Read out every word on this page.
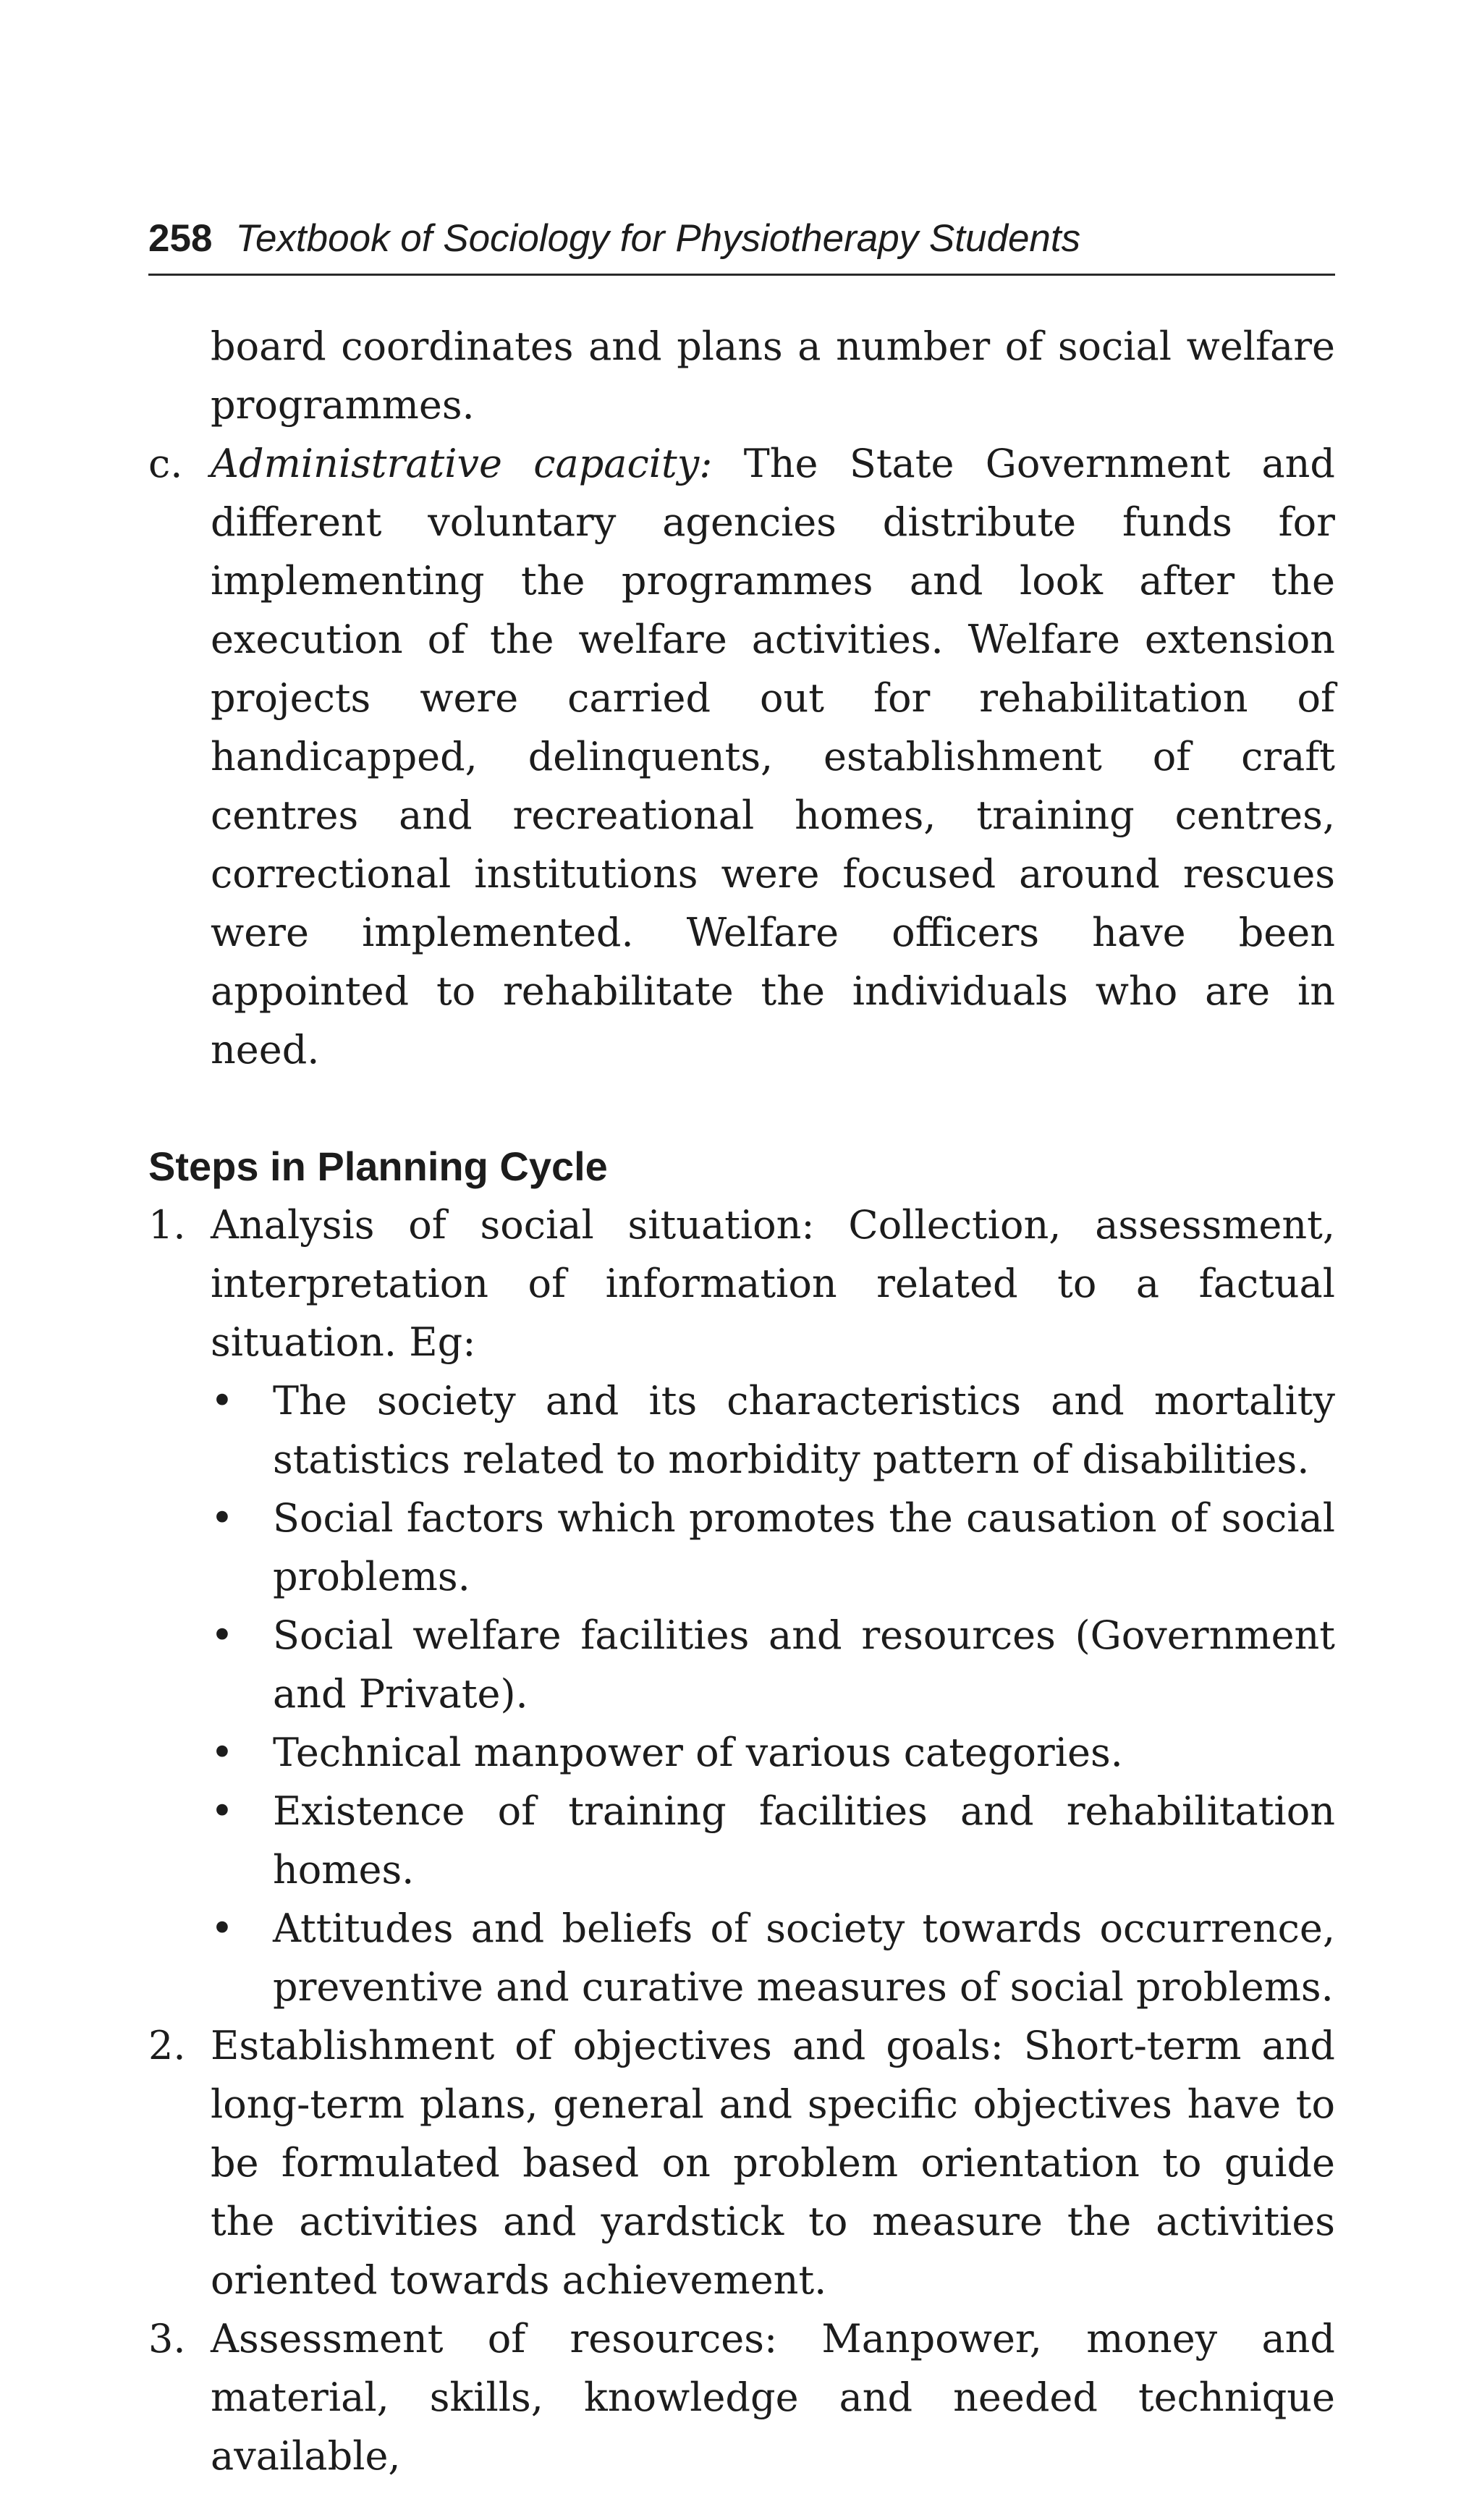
258 Textbook of Sociology for Physiotherapy Students

board coordinates and plans a number of social welfare programmes.

c. Administrative capacity: The State Government and different voluntary agencies distribute funds for implementing the programmes and look after the execution of the welfare activities. Welfare extension projects were carried out for rehabilitation of handicapped, delinquents, establishment of craft centres and recreational homes, training centres, correctional institutions were focused around rescues were implemented. Welfare officers have been appointed to rehabilitate the individuals who are in need.

Steps in Planning Cycle

1. Analysis of social situation: Collection, assessment, interpretation of information related to a factual situation. Eg:

• The society and its characteristics and mortality statistics related to morbidity pattern of disabilities.

• Social factors which promotes the causation of social problems.

• Social welfare facilities and resources (Government and Private).

• Technical manpower of various categories.

• Existence of training facilities and rehabilitation homes.

• Attitudes and beliefs of society towards occurrence, preventive and curative measures of social problems.

2. Establishment of objectives and goals: Short-term and long-term plans, general and specific objectives have to be formulated based on problem orientation to guide the activities and yardstick to measure the activities oriented towards achievement.

3. Assessment of resources: Manpower, money and material, skills, knowledge and needed technique available,
